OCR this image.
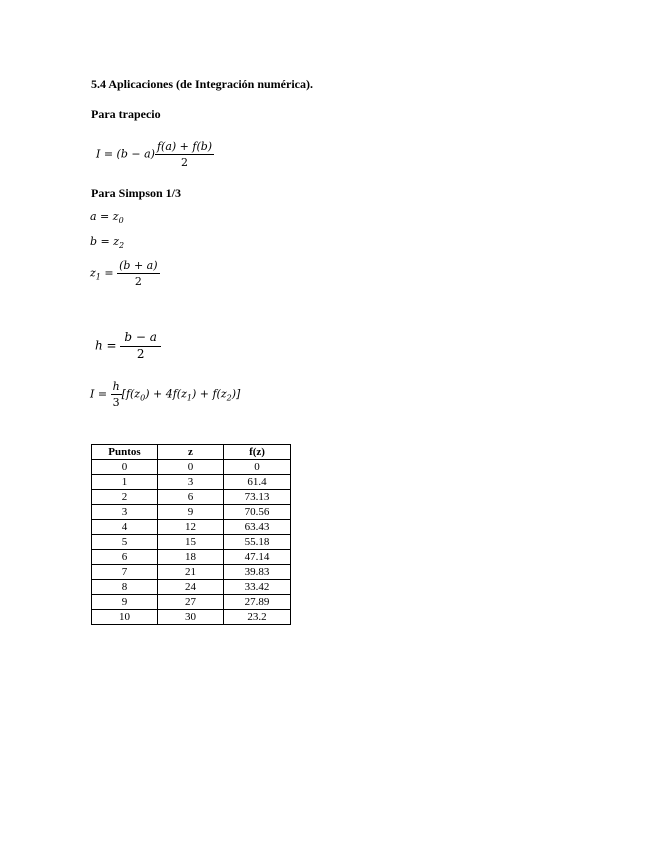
5.4 Aplicaciones (de Integración numérica).
Para trapecio
$I = (b - a) \frac{f(a) + f(b)}{2}$
Para Simpson 1/3
$a = z_0$
$b = z_2$
$z_1 = \frac{(b + a)}{2}$
$h = \frac{b - a}{2}$
$I = \frac{h}{3} [f(z_0) + 4f(z_1) + f(z_2)]$
Puntos	z	f(z)
0	0	0
1	3	61.4
2	6	73.13
3	9	70.56
4	12	63.43
5	15	55.18
6	18	47.14
7	21	39.83
8	24	33.42
9	27	27.89
10	30	23.2
